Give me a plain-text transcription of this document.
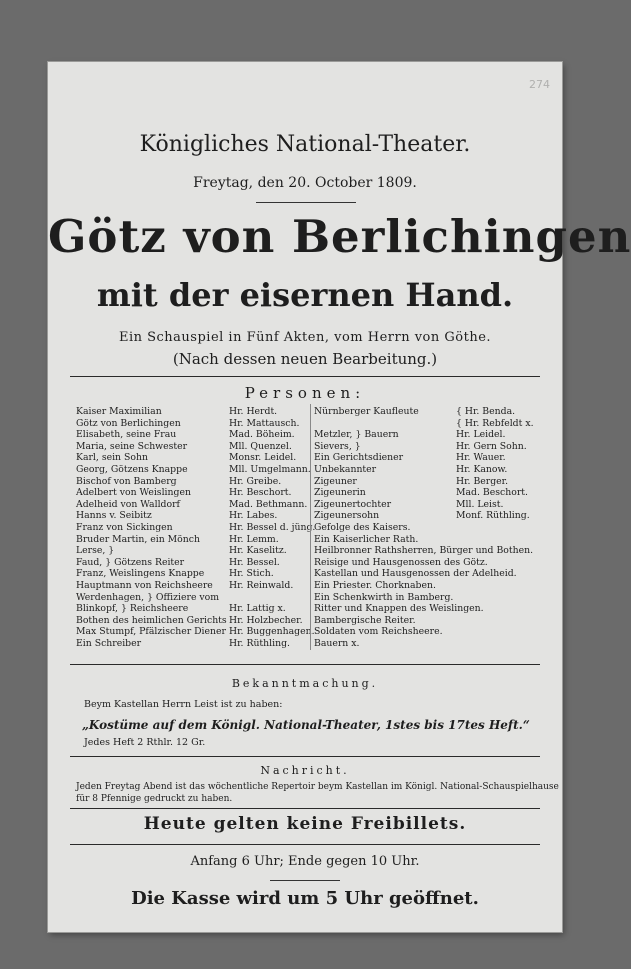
274
Königliches National-Theater.
Freytag, den 20. October 1809.
Götz von Berlichingen
mit der eisernen Hand.
Ein Schauspiel in Fünf Akten, vom Herrn von Göthe.
(Nach dessen neuen Bearbeitung.)
Personen:
Kaiser Maximilian
Götz von Berlichingen
Elisabeth, seine Frau
Maria, seine Schwester
Karl, sein Sohn
Georg, Götzens Knappe
Bischof von Bamberg
Adelbert von Weislingen
Adelheid von Walldorf
Hanns v. Seibitz
Franz von Sickingen
Bruder Martin, ein Mönch
Lerse, }
Faud, } Götzens Reiter
Franz, Weislingens Knappe
Hauptmann von Reichsheere
Werdenhagen, } Offiziere vom
Blinkopf, } Reichsheere
Bothen des heimlichen Gerichts
Max Stumpf, Pfälzischer Diener
Ein Schreiber
Hr. Herdt.
Hr. Mattausch.
Mad. Böheim.
Mll. Quenzel.
Monsr. Leidel.
Mll. Umgelmann.
Hr. Greibe.
Hr. Beschort.
Mad. Bethmann.
Hr. Labes.
Hr. Bessel d. jüng.
Hr. Lemm.
Hr. Kaselitz.
Hr. Bessel.
Hr. Stich.
Hr. Reinwald.
Hr. Lattig x.
Hr. Holzbecher.
Hr. Buggenhagen.
Hr. Rüthling.
Nürnberger Kaufleute
Metzler, } Bauern
Sievers, }
Ein Gerichtsdiener
Unbekannter
Zigeuner
Zigeunerin
Zigeunertochter
Zigeunersohn
Gefolge des Kaisers.
Ein Kaiserlicher Rath.
Heilbronner Rathsherren, Bürger und Bothen.
Reisige und Hausgenossen des Götz.
Kastellan und Hausgenossen der Adelheid.
Ein Priester. Chorknaben.
Ein Schenkwirth in Bamberg.
Ritter und Knappen des Weislingen.
Bambergische Reiter.
Soldaten vom Reichsheere.
Bauern x.
{ Hr. Benda.
{ Hr. Rebfeldt x.
Hr. Leidel.
Hr. Gern Sohn.
Hr. Wauer.
Hr. Kanow.
Hr. Berger.
Mad. Beschort.
Mll. Leist.
Monf. Rüthling.
Bekanntmachung.
Beym Kastellan Herrn Leist ist zu haben:
„Kostüme auf dem Königl. National-Theater, 1stes bis 17tes Heft.“
Jedes Heft 2 Rthlr. 12 Gr.
Nachricht.
Jeden Freytag Abend ist das wöchentliche Repertoir beym Kastellan im Königl. National-Schauspielhause
für 8 Pfennige gedruckt zu haben.
Heute gelten keine Freibillets.
Anfang 6 Uhr; Ende gegen 10 Uhr.
Die Kasse wird um 5 Uhr geöffnet.
